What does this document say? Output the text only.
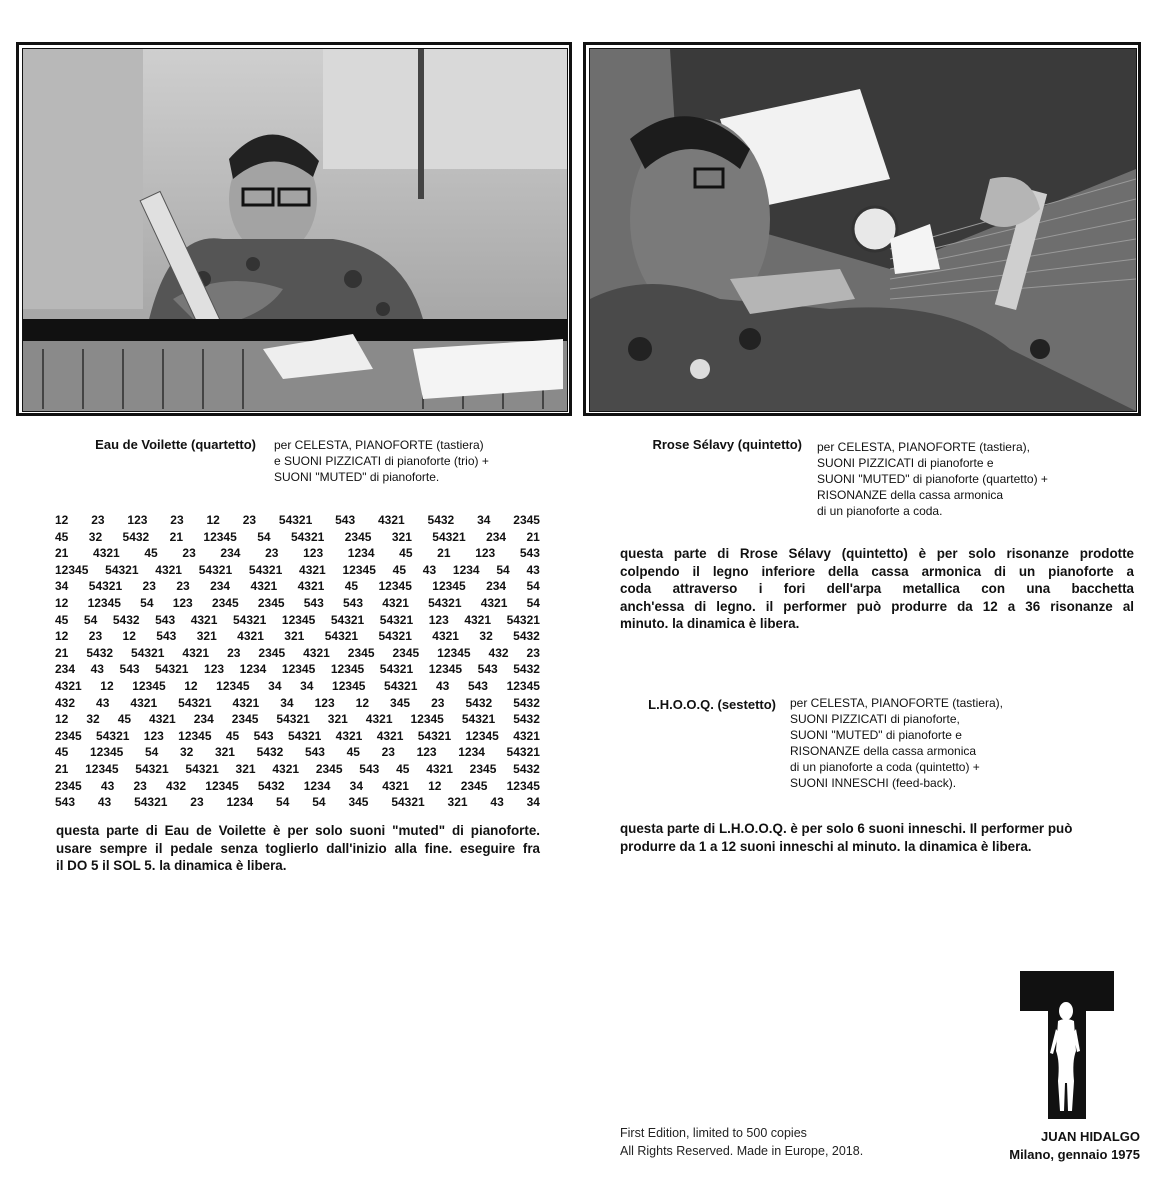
Eau de Voilette (quartetto) per CELESTA, PIANOFORTE (tastiera)
e SUONI PIZZICATI di pianoforte (trio) +
SUONI "MUTED" di pianoforte.
12 23 123 23 12 23 54321 543 4321 5432 34 2345
45 32 5432 21 12345 54 54321 2345 321 54321 234 21
21 4321 45 23 234 23 123 1234 45 21 123 543
12345 54321 4321 54321 54321 4321 12345 45 43 1234 54 43
34 54321 23 23 234 4321 4321 45 12345 12345 234 54
12 12345 54 123 2345 2345 543 543 4321 54321 4321 54
45 54 5432 543 4321 54321 12345 54321 54321 123 4321 54321
12 23 12 543 321 4321 321 54321 54321 4321 32 5432
21 5432 54321 4321 23 2345 4321 2345 2345 12345 432 23
234 43 543 54321 123 1234 12345 12345 54321 12345 543 5432
4321 12 12345 12 12345 34 34 12345 54321 43 543 12345
432 43 4321 54321 4321 34 123 12 345 23 5432 5432
12 32 45 4321 234 2345 54321 321 4321 12345 54321 5432
2345 54321 123 12345 45 543 54321 4321 4321 54321 12345 4321
45 12345 54 32 321 5432 543 45 23 123 1234 54321
21 12345 54321 54321 321 4321 2345 543 45 4321 2345 5432
2345 43 23 432 12345 5432 1234 34 4321 12 2345 12345
543 43 54321 23 1234 54 54 345 54321 321 43 34
questa parte di Eau de Voilette è per solo suoni "muted" di pianoforte.
usare sempre il pedale senza toglierlo dall'inizio alla fine. eseguire fra
il DO 5 il SOL 5. la dinamica è libera.
Rrose Sélavy (quintetto) per CELESTA, PIANOFORTE (tastiera),
SUONI PIZZICATI di pianoforte e
SUONI "MUTED" di pianoforte (quartetto) +
RISONANZE della cassa armonica
di un pianoforte a coda.
questa parte di Rrose Sélavy (quintetto) è per solo risonanze prodotte
colpendo il legno inferiore della cassa armonica di un pianoforte a
coda attraverso i fori dell'arpa metallica con una bacchetta
anch'essa di legno. il performer può produrre da 12 a 36 risonanze al
minuto. la dinamica è libera.
L.H.O.O.Q. (sestetto) per CELESTA, PIANOFORTE (tastiera),
SUONI PIZZICATI di pianoforte,
SUONI "MUTED" di pianoforte e
RISONANZE della cassa armonica
di un pianoforte a coda (quintetto) +
SUONI INNESCHI (feed-back).
questa parte di L.H.O.O.Q. è per solo 6 suoni inneschi. Il performer può
produrre da 1 a 12 suoni inneschi al minuto. la dinamica è libera.
First Edition, limited to 500 copies
All Rights Reserved. Made in Europe, 2018.
JUAN HIDALGO
Milano, gennaio 1975
